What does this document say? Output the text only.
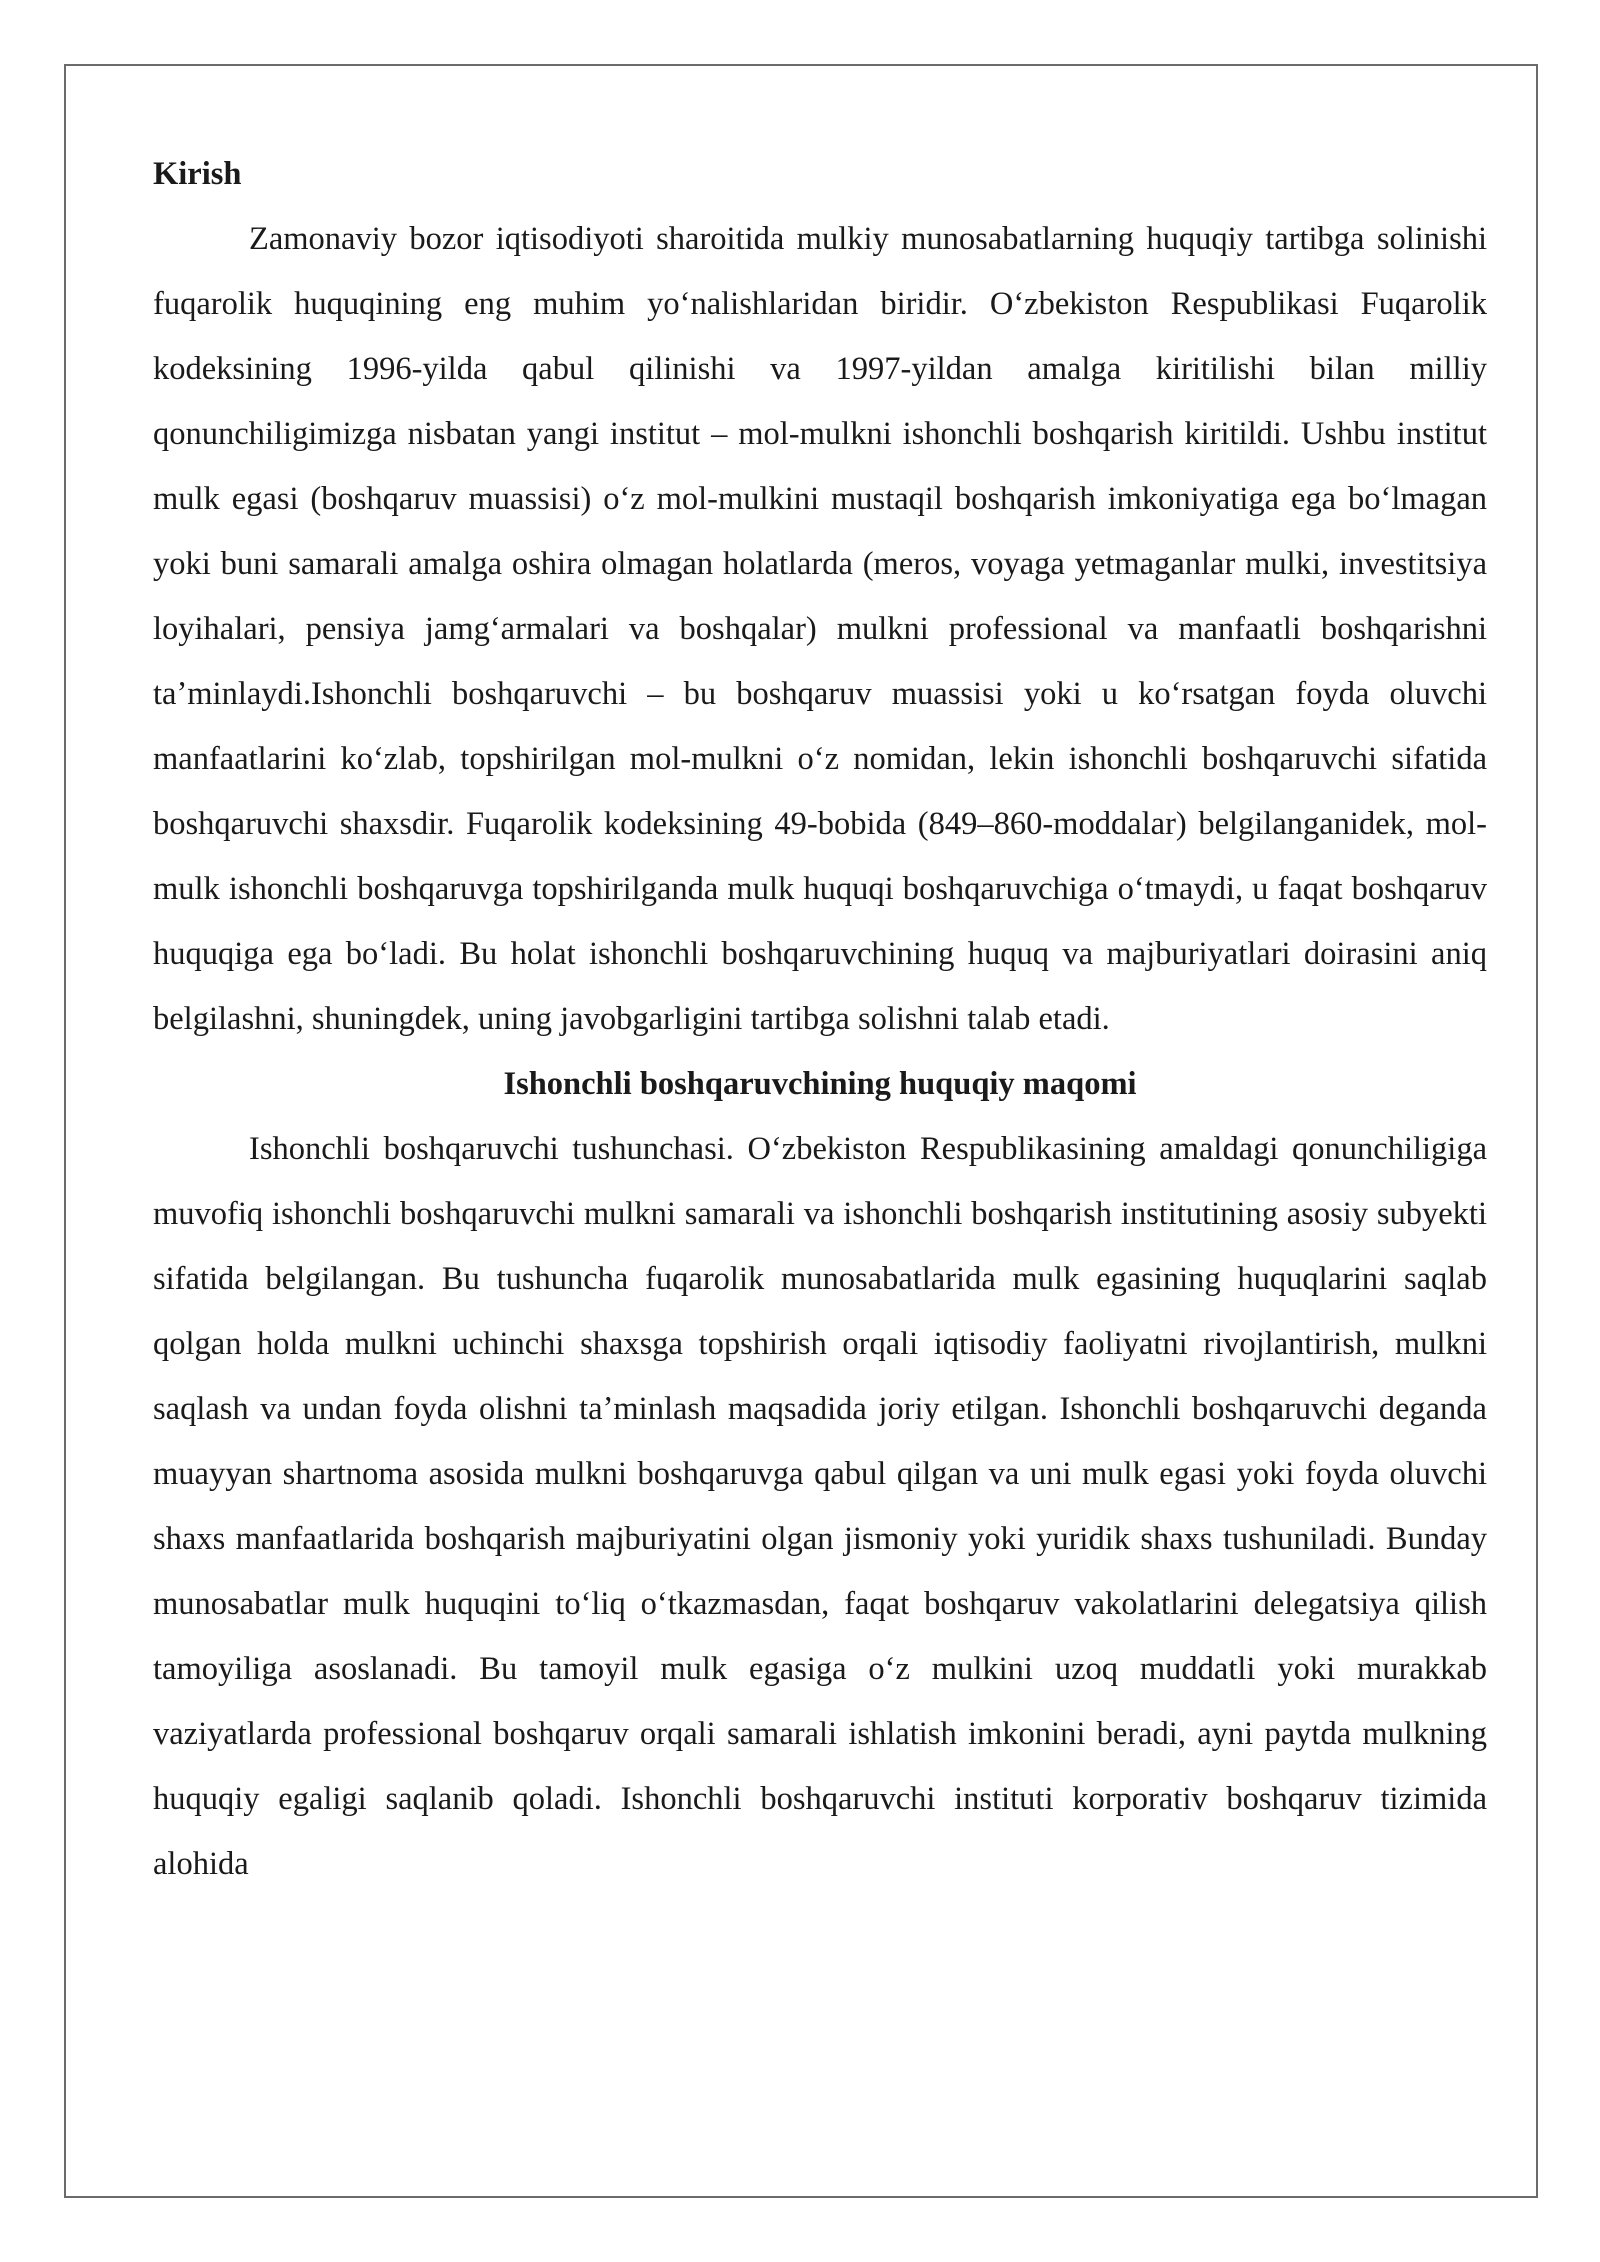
Kirish

Zamonaviy bozor iqtisodiyoti sharoitida mulkiy munosabatlarning huquqiy tartibga solinishi fuqarolik huquqining eng muhim yoʻnalishlaridan biridir. Oʻzbekiston Respublikasi Fuqarolik kodeksining 1996-yilda qabul qilinishi va 1997-yildan amalga kiritilishi bilan milliy qonunchiligimizga nisbatan yangi institut – mol-mulkni ishonchli boshqarish kiritildi. Ushbu institut mulk egasi (boshqaruv muassisi) oʻz mol-mulkini mustaqil boshqarish imkoniyatiga ega boʻlmagan yoki buni samarali amalga oshira olmagan holatlarda (meros, voyaga yetmaganlar mulki, investitsiya loyihalari, pensiya jamgʻarmalari va boshqalar) mulkni professional va manfaatli boshqarishni taʼminlaydi.Ishonchli boshqaruvchi – bu boshqaruv muassisi yoki u koʻrsatgan foyda oluvchi manfaatlarini koʻzlab, topshirilgan mol-mulkni oʻz nomidan, lekin ishonchli boshqaruvchi sifatida boshqaruvchi shaxsdir. Fuqarolik kodeksining 49-bobida (849–860-moddalar) belgilanganidek, mol-mulk ishonchli boshqaruvga topshirilganda mulk huquqi boshqaruvchiga oʻtmaydi, u faqat boshqaruv huquqiga ega boʻladi. Bu holat ishonchli boshqaruvchining huquq va majburiyatlari doirasini aniq belgilashni, shuningdek, uning javobgarligini tartibga solishni talab etadi.

Ishonchli boshqaruvchining huquqiy maqomi

Ishonchli boshqaruvchi tushunchasi. Oʻzbekiston Respublikasining amaldagi qonunchiligiga muvofiq ishonchli boshqaruvchi mulkni samarali va ishonchli boshqarish institutining asosiy subyekti sifatida belgilangan. Bu tushuncha fuqarolik munosabatlarida mulk egasining huquqlarini saqlab qolgan holda mulkni uchinchi shaxsga topshirish orqali iqtisodiy faoliyatni rivojlantirish, mulkni saqlash va undan foyda olishni taʼminlash maqsadida joriy etilgan. Ishonchli boshqaruvchi deganda muayyan shartnoma asosida mulkni boshqaruvga qabul qilgan va uni mulk egasi yoki foyda oluvchi shaxs manfaatlarida boshqarish majburiyatini olgan jismoniy yoki yuridik shaxs tushuniladi. Bunday munosabatlar mulk huquqini toʻliq oʻtkazmasdan, faqat boshqaruv vakolatlarini delegatsiya qilish tamoyiliga asoslanadi. Bu tamoyil mulk egasiga oʻz mulkini uzoq muddatli yoki murakkab vaziyatlarda professional boshqaruv orqali samarali ishlatish imkonini beradi, ayni paytda mulkning huquqiy egaligi saqlanib qoladi. Ishonchli boshqaruvchi instituti korporativ boshqaruv tizimida alohida
